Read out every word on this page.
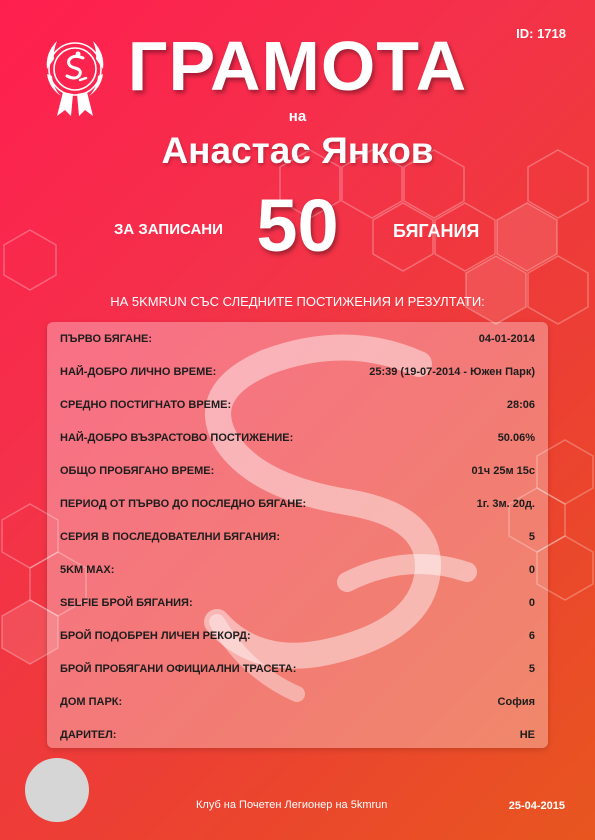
ID: 1718
ГРАМОТА
на
Анастас Янков
ЗА ЗАПИСАНИ 50	БЯГАНИЯ
НА 5KMRUN СЪС СЛЕДНИТЕ ПОСТИЖЕНИЯ И РЕЗУЛТАТИ:
ПЪРВО БЯГАНЕ:	04-01-2014
НАЙ-ДОБРО ЛИЧНО ВРЕМЕ:	25:39 (19-07-2014 - Южен Парк)
СРЕДНО ПОСТИГНАТО ВРЕМЕ:	28:06
НАЙ-ДОБРО ВЪЗРАСТОВО ПОСТИЖЕНИЕ:	50.06%
ОБЩО ПРОБЯГАНО ВРЕМЕ:	01ч 25м 15с
ПЕРИОД ОТ ПЪРВО ДО ПОСЛЕДНО БЯГАНЕ:	1г. 3м. 20д.
СЕРИЯ В ПОСЛЕДОВАТЕЛНИ БЯГАНИЯ:	5
5KM MAX:	0
SELFIE БРОЙ БЯГАНИЯ:	0
БРОЙ ПОДОБРЕН ЛИЧЕН РЕКОРД:	6
БРОЙ ПРОБЯГАНИ ОФИЦИАЛНИ ТРАСЕТА:	5
ДОМ ПАРК:	София
ДАРИТЕЛ:	НЕ
Клуб на Почетен Легионер на 5kmrun	25-04-2015
